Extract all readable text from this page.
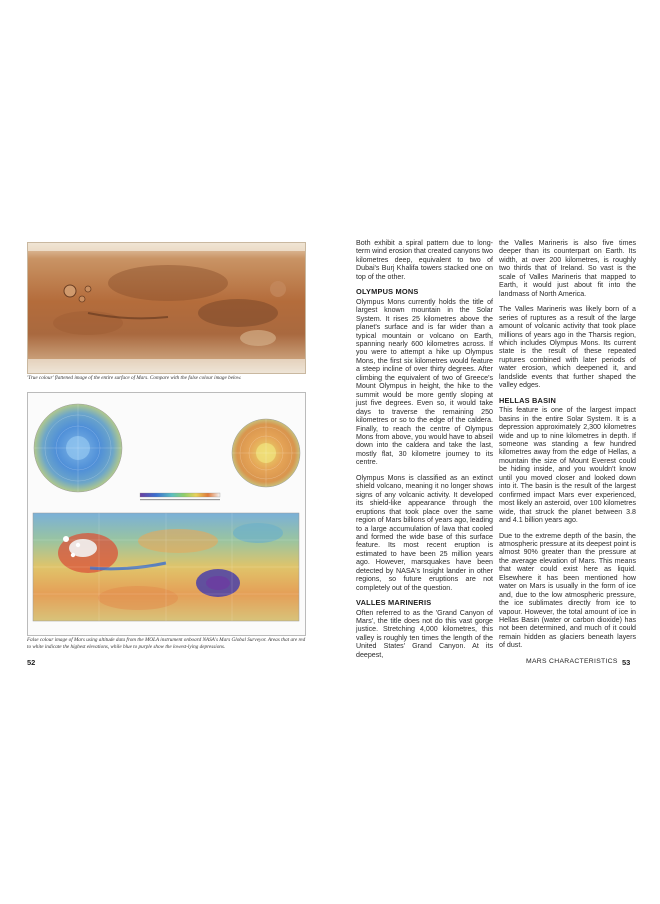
'True colour' flattened image of the entire surface of Mars. Compare with the false colour image below.
False colour image of Mars using altitude data from the MOLA instrument onboard NASA's Mars Global Surveyor. Areas that are red to white indicate the highest elevations, while blue to purple show the lowest-lying depressions.
52

Both exhibit a spiral pattern due to long-term wind erosion that created canyons two kilometres deep, equivalent to two of Dubai's Burj Khalifa towers stacked one on top of the other.

OLYMPUS MONS

Olympus Mons currently holds the title of largest known mountain in the Solar System. It rises 25 kilometres above the planet's surface and is far wider than a typical mountain or volcano on Earth, spanning nearly 600 kilometres across. If you were to attempt a hike up Olympus Mons, the first six kilometres would feature a steep incline of over thirty degrees. After climbing the equivalent of two of Greece's Mount Olympus in height, the hike to the summit would be more gently sloping at just five degrees. Even so, it would take days to traverse the remaining 250 kilometres or so to the edge of the caldera. Finally, to reach the centre of Olympus Mons from above, you would have to abseil down into the caldera and take the last, mostly flat, 30 kilometre journey to its centre.

Olympus Mons is classified as an extinct shield volcano, meaning it no longer shows signs of any volcanic activity. It developed its shield-like appearance through the eruptions that took place over the same region of Mars billions of years ago, leading to a large accumulation of lava that cooled and formed the wide base of this surface feature. Its most recent eruption is estimated to have been 25 million years ago. However, marsquakes have been detected by NASA's Insight lander in other regions, so future eruptions are not completely out of the question.

VALLES MARINERIS

Often referred to as the 'Grand Canyon of Mars', the title does not do this vast gorge justice. Stretching 4,000 kilometres, this valley is roughly ten times the length of the United States' Grand Canyon. At its deepest,

the Valles Marineris is also five times deeper than its counterpart on Earth. Its width, at over 200 kilometres, is roughly two thirds that of Ireland. So vast is the scale of Valles Marineris that mapped to Earth, it would just about fit into the landmass of North America.

The Valles Marineris was likely born of a series of ruptures as a result of the large amount of volcanic activity that took place millions of years ago in the Tharsis region, which includes Olympus Mons. Its current state is the result of these repeated ruptures combined with later periods of water erosion, which deepened it, and landslide events that further shaped the valley edges.

HELLAS BASIN

This feature is one of the largest impact basins in the entire Solar System. It is a depression approximately 2,300 kilometres wide and up to nine kilometres in depth. If someone was standing a few hundred kilometres away from the edge of Hellas, a mountain the size of Mount Everest could be hiding inside, and you wouldn't know until you moved closer and looked down into it. The basin is the result of the largest confirmed impact Mars ever experienced, most likely an asteroid, over 100 kilometres wide, that struck the planet between 3.8 and 4.1 billion years ago.

Due to the extreme depth of the basin, the atmospheric pressure at its deepest point is almost 90% greater than the pressure at the average elevation of Mars. This means that water could exist here as liquid. Elsewhere it has been mentioned how water on Mars is usually in the form of ice and, due to the low atmospheric pressure, the ice sublimates directly from ice to vapour. However, the total amount of ice in Hellas Basin (water or carbon dioxide) has not been determined, and much of it could remain hidden as glaciers beneath layers of dust.

MARS CHARACTERISTICS 53
